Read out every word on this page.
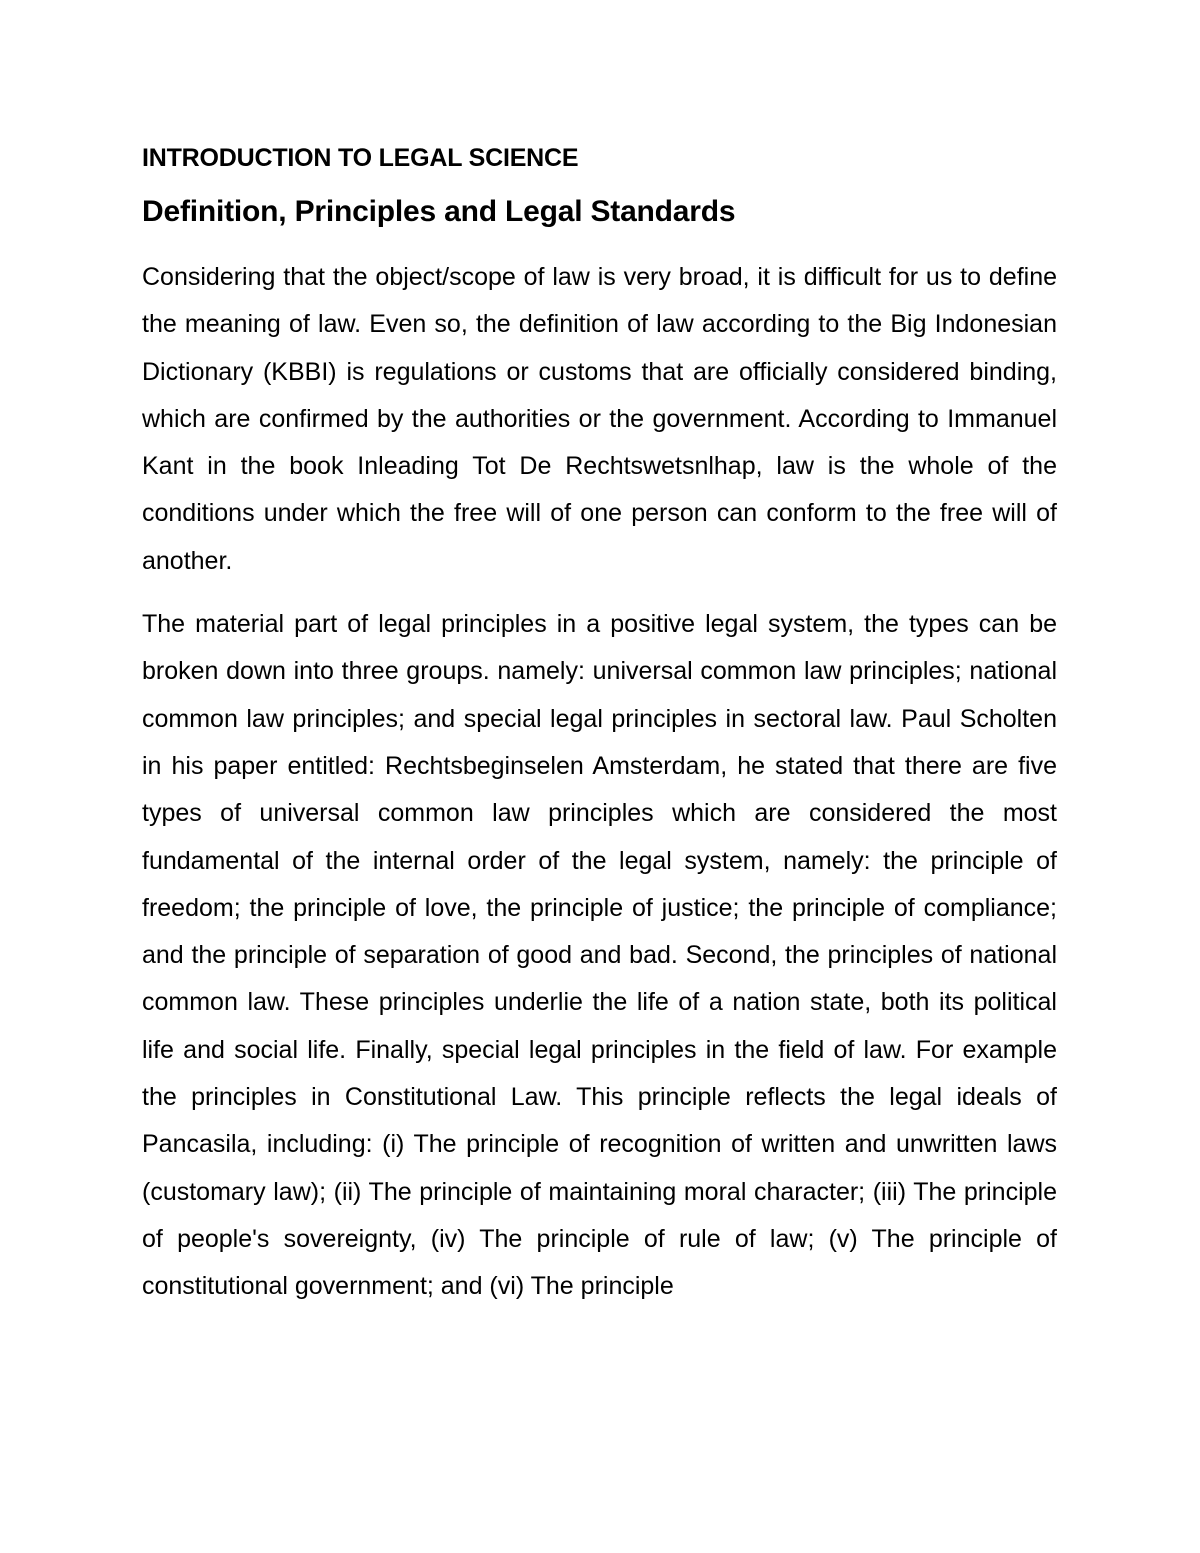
INTRODUCTION TO LEGAL SCIENCE
Definition, Principles and Legal Standards

Considering that the object/scope of law is very broad, it is difficult for us to define the meaning of law. Even so, the definition of law according to the Big Indonesian Dictionary (KBBI) is regulations or customs that are officially considered binding, which are confirmed by the authorities or the government. According to Immanuel Kant in the book Inleading Tot De Rechtswetsnlhap, law is the whole of the conditions under which the free will of one person can conform to the free will of another.

The material part of legal principles in a positive legal system, the types can be broken down into three groups. namely: universal common law principles; national common law principles; and special legal principles in sectoral law. Paul Scholten in his paper entitled: Rechtsbeginselen Amsterdam, he stated that there are five types of universal common law principles which are considered the most fundamental of the internal order of the legal system, namely: the principle of freedom; the principle of love, the principle of justice; the principle of compliance; and the principle of separation of good and bad. Second, the principles of national common law. These principles underlie the life of a nation state, both its political life and social life. Finally, special legal principles in the field of law. For example the principles in Constitutional Law. This principle reflects the legal ideals of Pancasila, including: (i) The principle of recognition of written and unwritten laws (customary law); (ii) The principle of maintaining moral character; (iii) The principle of people's sovereignty, (iv) The principle of rule of law; (v) The principle of constitutional government; and (vi) The principle
